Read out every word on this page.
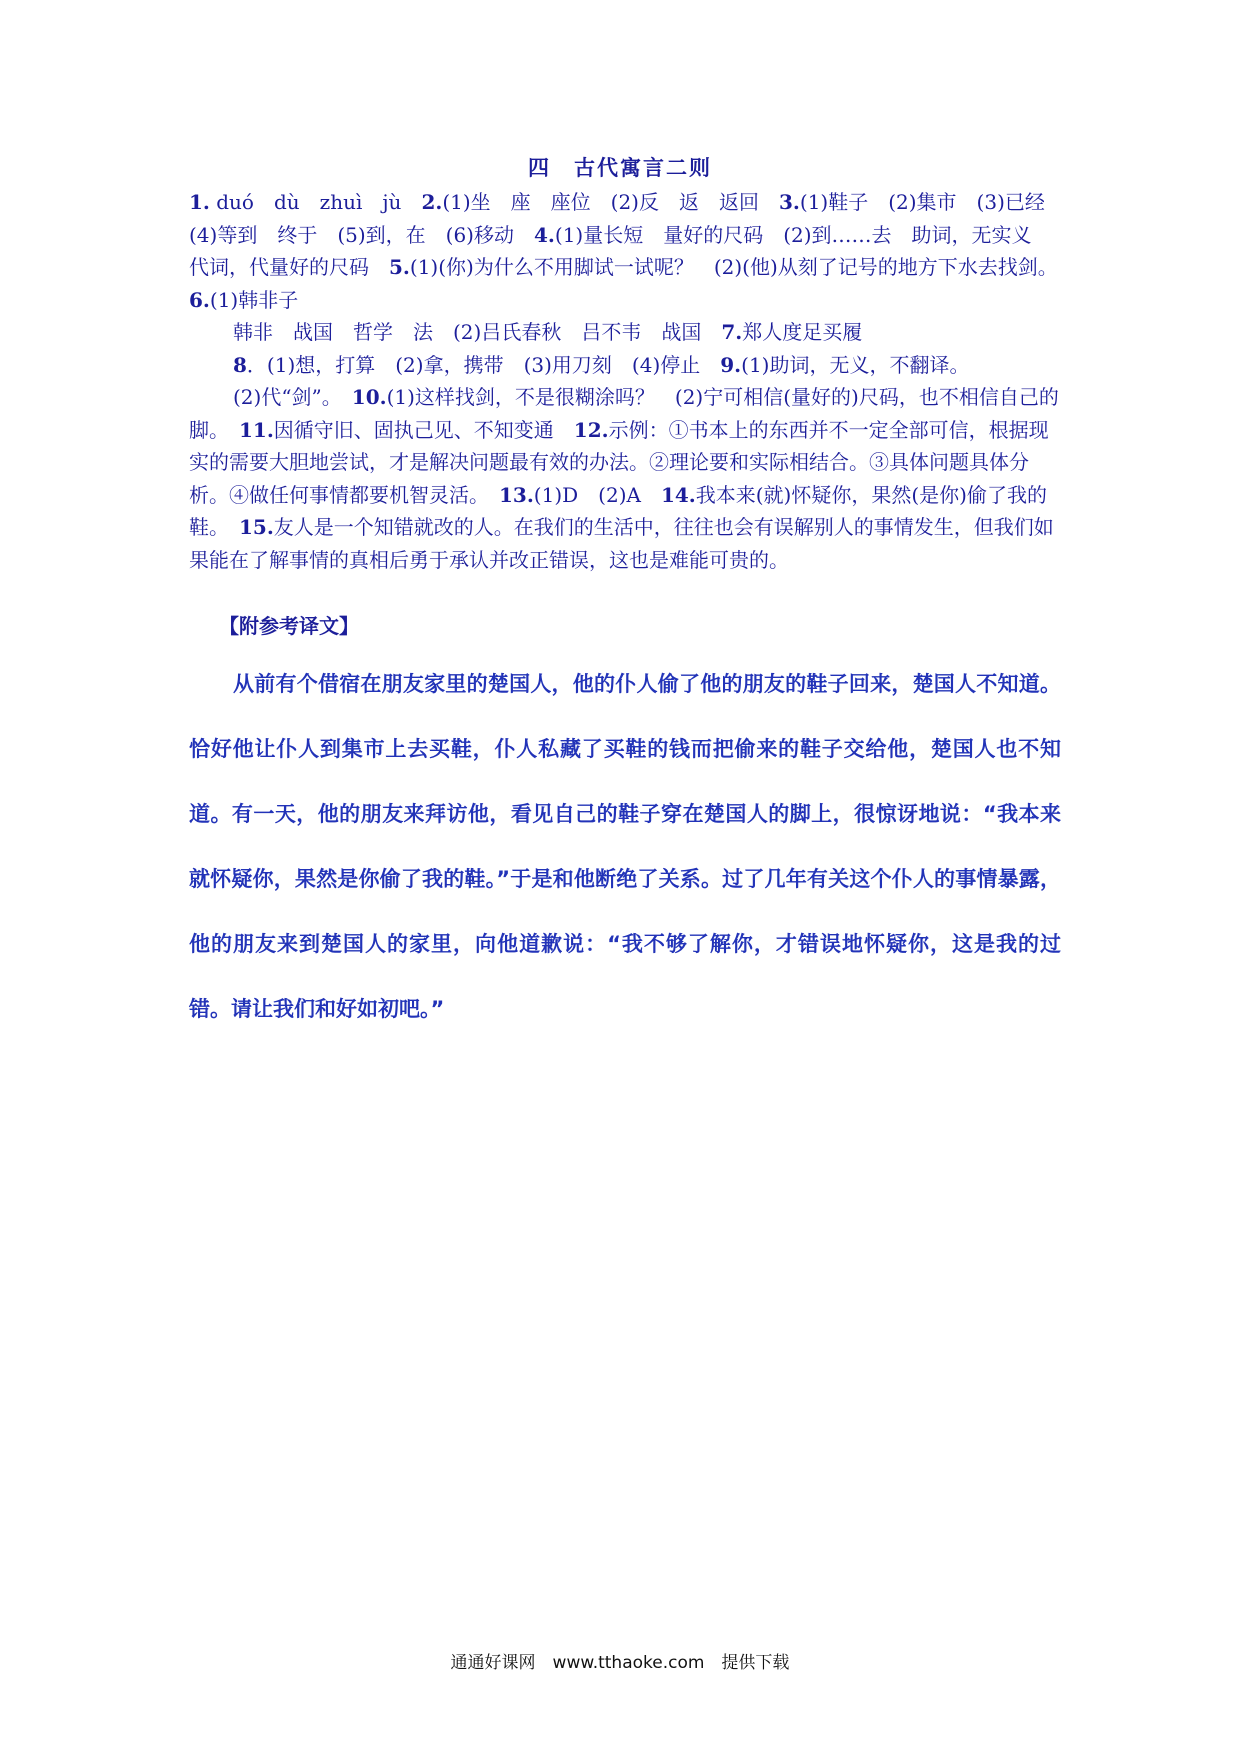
四　古代寓言二则

1. duó　dù　zhuì　jù　2.(1)坐　座　座位　(2)反　返　返回　3.(1)鞋子　(2)集市　(3)已经　(4)等到　终于　(5)到，在　(6)移动　4.(1)量长短　量好的尺码　(2)到……去　助词，无实义　代词，代量好的尺码　5.(1)(你)为什么不用脚试一试呢？　(2)(他)从刻了记号的地方下水去找剑。　6.(1)韩非子

韩非　战国　哲学　法　(2)吕氏春秋　吕不韦　战国　7.郑人度足买履

8．(1)想，打算　(2)拿，携带　(3)用刀刻　(4)停止　9.(1)助词，无义，不翻译。

(2)代“剑”。　10.(1)这样找剑，不是很糊涂吗？　(2)宁可相信(量好的)尺码，也不相信自己的脚。　11.因循守旧、固执己见、不知变通　12.示例：①书本上的东西并不一定全部可信，根据现实的需要大胆地尝试，才是解决问题最有效的办法。②理论要和实际相结合。③具体问题具体分析。④做任何事情都要机智灵活。　13.(1)D　(2)A　14.我本来(就)怀疑你，果然(是你)偷了我的鞋。　15.友人是一个知错就改的人。在我们的生活中，往往也会有误解别人的事情发生，但我们如果能在了解事情的真相后勇于承认并改正错误，这也是难能可贵的。

【附参考译文】

从前有个借宿在朋友家里的楚国人，他的仆人偷了他的朋友的鞋子回来，楚国人不知道。恰好他让仆人到集市上去买鞋，仆人私藏了买鞋的钱而把偷来的鞋子交给他，楚国人也不知道。有一天，他的朋友来拜访他，看见自己的鞋子穿在楚国人的脚上，很惊讶地说：“我本来就怀疑你，果然是你偷了我的鞋。”于是和他断绝了关系。过了几年有关这个仆人的事情暴露，他的朋友来到楚国人的家里，向他道歉说：“我不够了解你，才错误地怀疑你，这是我的过错。请让我们和好如初吧。”

通通好课网　www.tthaoke.com　提供下载
